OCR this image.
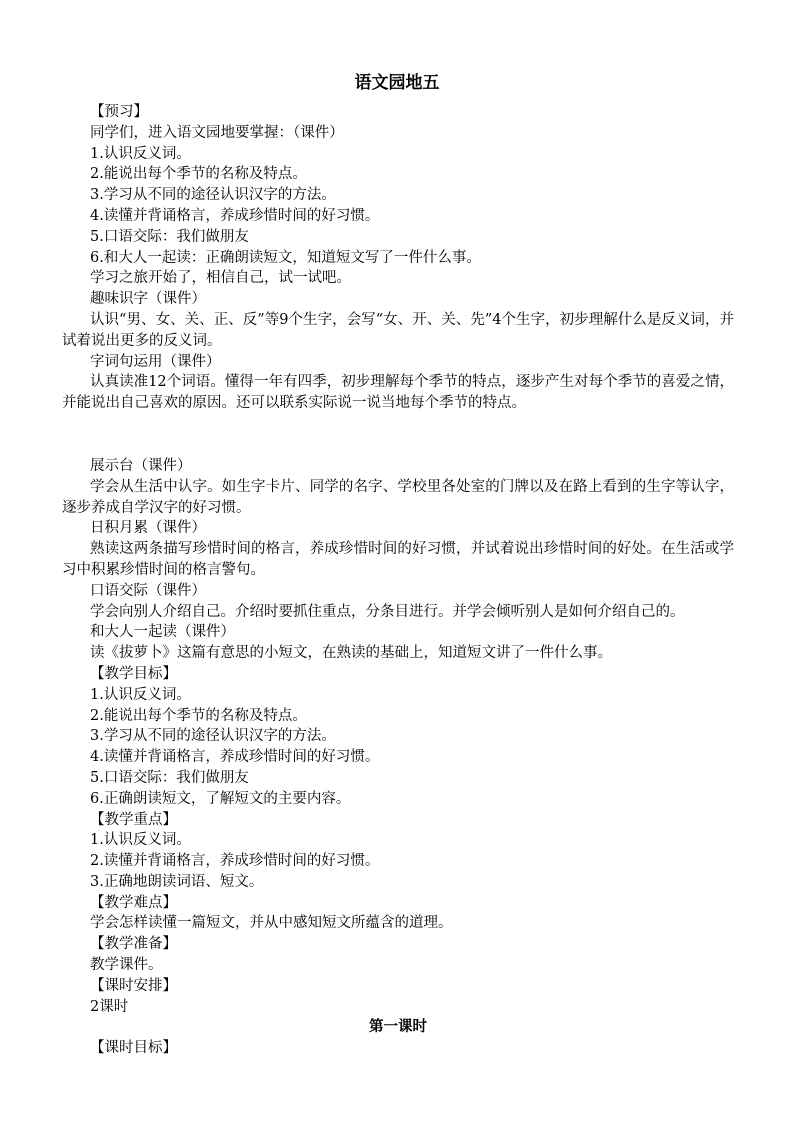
语文园地五

【预习】

同学们，进入语文园地要掌握：（课件）

1.认识反义词。

2.能说出每个季节的名称及特点。

3.学习从不同的途径认识汉字的方法。

4.读懂并背诵格言，养成珍惜时间的好习惯。

5.口语交际：我们做朋友

6.和大人一起读：正确朗读短文，知道短文写了一件什么事。

学习之旅开始了，相信自己，试一试吧。

趣味识字（课件）

认识“男、女、关、正、反”等9个生字，会写“女、开、关、先”4个生字，初步理解什么是反义词，并试着说出更多的反义词。

字词句运用（课件）

认真读准12个词语。懂得一年有四季，初步理解每个季节的特点，逐步产生对每个季节的喜爱之情，并能说出自己喜欢的原因。还可以联系实际说一说当地每个季节的特点。

展示台（课件）

学会从生活中认字。如生字卡片、同学的名字、学校里各处室的门牌以及在路上看到的生字等认字，逐步养成自学汉字的好习惯。

日积月累（课件）

熟读这两条描写珍惜时间的格言，养成珍惜时间的好习惯，并试着说出珍惜时间的好处。在生活或学习中积累珍惜时间的格言警句。

口语交际（课件）

学会向别人介绍自己。介绍时要抓住重点，分条目进行。并学会倾听别人是如何介绍自己的。

和大人一起读（课件）

读《拔萝卜》这篇有意思的小短文，在熟读的基础上，知道短文讲了一件什么事。

【教学目标】

1.认识反义词。

2.能说出每个季节的名称及特点。

3.学习从不同的途径认识汉字的方法。

4.读懂并背诵格言，养成珍惜时间的好习惯。

5.口语交际：我们做朋友

6.正确朗读短文，了解短文的主要内容。

【教学重点】

1.认识反义词。

2.读懂并背诵格言，养成珍惜时间的好习惯。

3.正确地朗读词语、短文。

【教学难点】

学会怎样读懂一篇短文，并从中感知短文所蕴含的道理。

【教学准备】

教学课件。

【课时安排】

2课时

第一课时

【课时目标】
